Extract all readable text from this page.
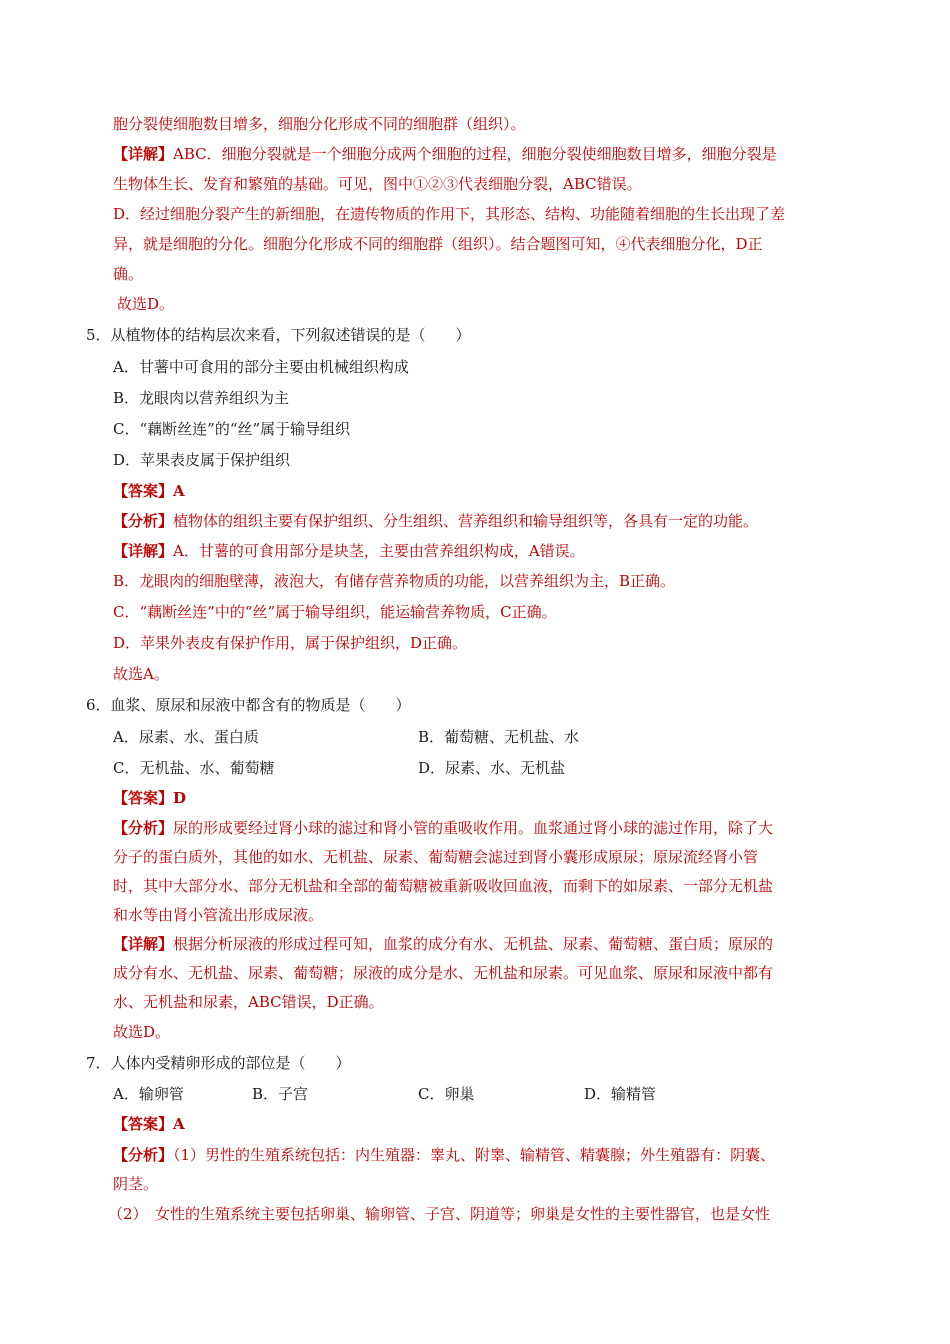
胞分裂使细胞数目增多，细胞分化形成不同的细胞群（组织）。
【详解】ABC．细胞分裂就是一个细胞分成两个细胞的过程，细胞分裂使细胞数目增多，细胞分裂是
生物体生长、发育和繁殖的基础。可见，图中①②③代表细胞分裂，ABC错误。
D．经过细胞分裂产生的新细胞，在遗传物质的作用下，其形态、结构、功能随着细胞的生长出现了差
异，就是细胞的分化。细胞分化形成不同的细胞群（组织）。结合题图可知，④代表细胞分化，D正
确。
故选D。
5．从植物体的结构层次来看，下列叙述错误的是（　　）
A．甘薯中可食用的部分主要由机械组织构成
B．龙眼肉以营养组织为主
C．“藕断丝连”的“丝”属于输导组织
D．苹果表皮属于保护组织
【答案】A
【分析】植物体的组织主要有保护组织、分生组织、营养组织和输导组织等，各具有一定的功能。
【详解】A．甘薯的可食用部分是块茎，主要由营养组织构成，A错误。
B．龙眼肉的细胞壁薄，液泡大，有储存营养物质的功能，以营养组织为主，B正确。
C．“藕断丝连”中的“丝”属于输导组织，能运输营养物质，C正确。
D．苹果外表皮有保护作用，属于保护组织，D正确。
故选A。
6．血浆、原尿和尿液中都含有的物质是（　　）
A．尿素、水、蛋白质	B．葡萄糖、无机盐、水
C．无机盐、水、葡萄糖	D．尿素、水、无机盐
【答案】D
【分析】尿的形成要经过肾小球的滤过和肾小管的重吸收作用。血浆通过肾小球的滤过作用，除了大
分子的蛋白质外，其他的如水、无机盐、尿素、葡萄糖会滤过到肾小囊形成原尿；原尿流经肾小管
时，其中大部分水、部分无机盐和全部的葡萄糖被重新吸收回血液，而剩下的如尿素、一部分无机盐
和水等由肾小管流出形成尿液。
【详解】根据分析尿液的形成过程可知，血浆的成分有水、无机盐、尿素、葡萄糖、蛋白质；原尿的
成分有水、无机盐、尿素、葡萄糖；尿液的成分是水、无机盐和尿素。可见血浆、原尿和尿液中都有
水、无机盐和尿素，ABC错误，D正确。
故选D。
7．人体内受精卵形成的部位是（　　）
A．输卵管	B．子宫	C．卵巢	D．输精管
【答案】A
【分析】（1）男性的生殖系统包括：内生殖器：睾丸、附睾、输精管、精囊腺；外生殖器有：阴囊、
阴茎。
（2）　女性的生殖系统主要包括卵巢、输卵管、子宫、阴道等；卵巢是女性的主要性器官，也是女性
